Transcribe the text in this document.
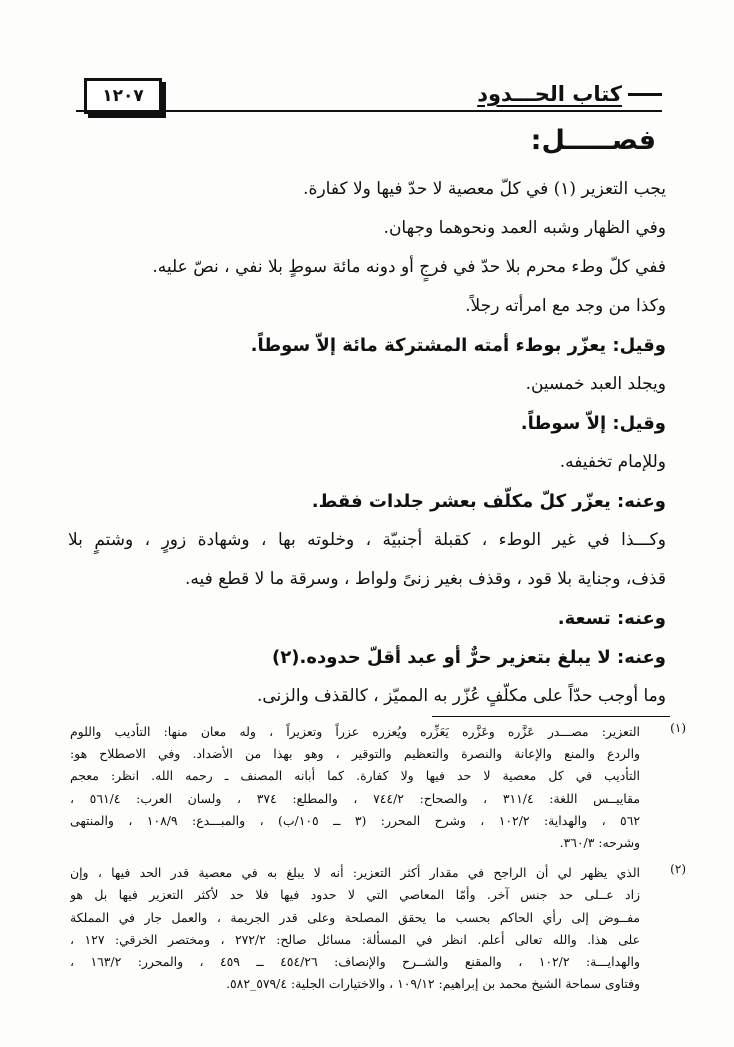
١٢٠٧	كتاب الحـــدود
فصـــــل:
يجب التعزير (١) في كلّ معصية لا حدّ فيها ولا كفارة.
وفي الظهار وشبه العمد ونحوهما وجهان.
ففي كلّ وطء محرم بلا حدّ في فرجٍ أو دونه مائة سوطٍ بلا نفي ، نصّ عليه.
وكذا من وجد مع امرأته رجلاً.
وقيل: يعزّر بوطء أمته المشتركة مائة إلاّ سوطاً.
ويجلد العبد خمسين.
وقيل: إلاّ سوطاً.
وللإمام تخفيفه.
وعنه: يعزّر كلّ مكلّف بعشر جلدات فقط.
وكـــذا في غير الوطء ، كقبلة أجنبيّة ، وخلوته بها ، وشهادة زورٍ ، وشتمٍ بلا
قذف، وجناية بلا قود ، وقذف بغير زنىً ولواط ، وسرقة ما لا قطع فيه.
وعنه: تسعة.
وعنه: لا يبلغ بتعزير حرٌّ أو عبد أقلّ حدوده.(٢)
وما أوجب حدّاً على مكلّفٍ عُزّر به المميّز ، كالقذف والزنى.
(١)
التعزير: مصـــدر عَزَّره وعَزَّره يَعَزِّره ويُعزره عزراً وتعزيراً ، وله معان منها: التأديب واللوم
والردع والمنع والإعانة والنصرة والتعظيم والتوقير ، وهو بهذا من الأضداد. وفي الاصطلاح هو:
التأديب في كل معصية لا حد فيها ولا كفارة. كما أبانه المصنف ـ رحمه الله. انظر: معجم
مقاييــس اللغة: ٣١١/٤ ، والصحاح: ٧٤٤/٢ ، والمطلع: ٣٧٤ ، ولسان العرب: ٥٦١/٤ ،
٥٦٢ ، والهداية: ١٠٢/٢ ، وشرح المحرر: (٣ ــ ١٠٥/ب) ، والمبـــدع: ١٠٨/٩ ، والمنتهى
وشرحه: ٣٦٠/٣.
(٢)
الذي يظهر لي أن الراجح في مقدار أكثر التعزير: أنه لا يبلغ به في معصية قدر الحد فيها ، وإن
زاد عــلى حد جنس آخر. وأمّا المعاصي التي لا حدود فيها فلا حد لأكثر التعزير فيها بل هو
مفــوض إلى رأي الحاكم بحسب ما يحقق المصلحة وعلى قدر الجريمة ، والعمل جار في المملكة
على هذا. والله تعالى أعلم. انظر في المسألة: مسائل صالح: ٢٧٢/٢ ، ومختصر الخرقي: ١٢٧ ،
والهدايـــة: ١٠٢/٢ ، والمقنع والشــرح والإنصاف: ٤٥٤/٢٦ ــ ٤٥٩ ، والمحرر: ١٦٣/٢ ،
وفتاوى سماحة الشيخ محمد بن إبراهيم: ١٠٩/١٢ ، والاختيارات الجلية: ٥٧٩/٤_٥٨٢.
